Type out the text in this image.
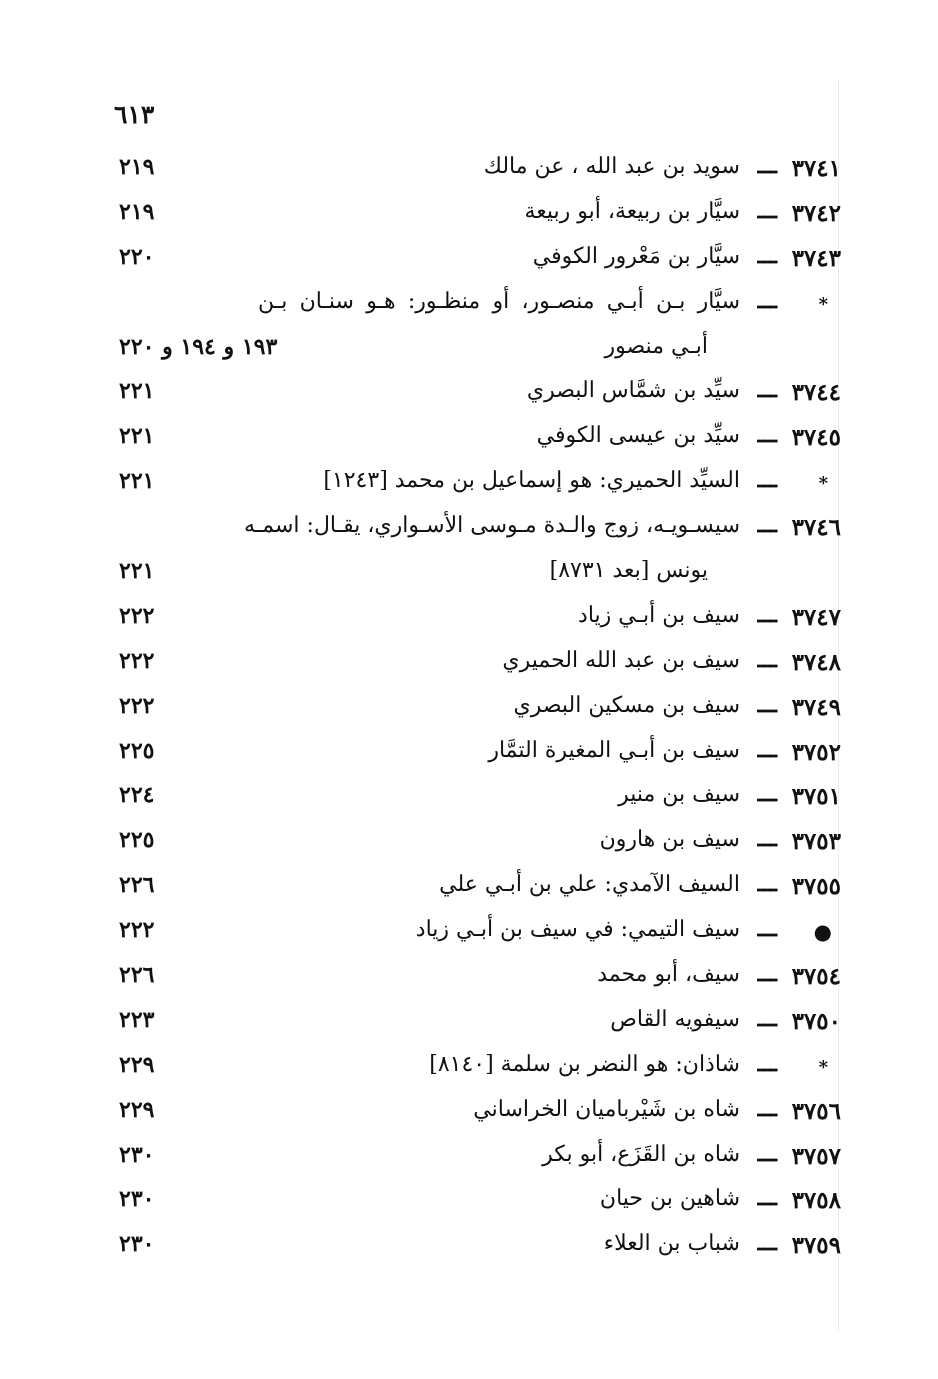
٦١٣
٣٧٤١
ـــ
سويد بن عبد الله ، عن مالك
٢١٩
٣٧٤٢
ـــ
سيَّار بن ربيعة، أبو ربيعة
٢١٩
٣٧٤٣
ـــ
سيَّار بن مَعْرور الكوفي
٢٢٠
*
ـــ
سيَّار بـن أبـي منصـور، أو منظـور: هـو سنـان بـن
أبـي منصور
١٩٣ و ١٩٤ و ٢٢٠
٣٧٤٤
ـــ
سيِّد بن شمَّاس البصري
٢٢١
٣٧٤٥
ـــ
سيِّد بن عيسى الكوفي
٢٢١
*
ـــ
السيِّد الحميري: هو إسماعيل بن محمد [١٢٤٣]
٢٢١
٣٧٤٦
ـــ
سيسـويـه، زوج والـدة مـوسى الأسـواري، يقـال: اسمـه
يونس [بعد ٨٧٣١]
٢٢١
٣٧٤٧
ـــ
سيف بن أبـي زياد
٢٢٢
٣٧٤٨
ـــ
سيف بن عبد الله الحميري
٢٢٢
٣٧٤٩
ـــ
سيف بن مسكين البصري
٢٢٢
٣٧٥٢
ـــ
سيف بن أبـي المغيرة التمَّار
٢٢٥
٣٧٥١
ـــ
سيف بن منير
٢٢٤
٣٧٥٣
ـــ
سيف بن هارون
٢٢٥
٣٧٥٥
ـــ
السيف الآمدي: علي بن أبـي علي
٢٢٦
●
ـــ
سيف التيمي: في سيف بن أبـي زياد
٢٢٢
٣٧٥٤
ـــ
سيف، أبو محمد
٢٢٦
٣٧٥٠
ـــ
سيفويه القاص
٢٢٣
*
ـــ
شاذان: هو النضر بن سلمة [٨١٤٠]
٢٢٩
٣٧٥٦
ـــ
شاه بن شَيْرباميان الخراساني
٢٢٩
٣٧٥٧
ـــ
شاه بن القَزَع، أبو بكر
٢٣٠
٣٧٥٨
ـــ
شاهين بن حيان
٢٣٠
٣٧٥٩
ـــ
شباب بن العلاء
٢٣٠
